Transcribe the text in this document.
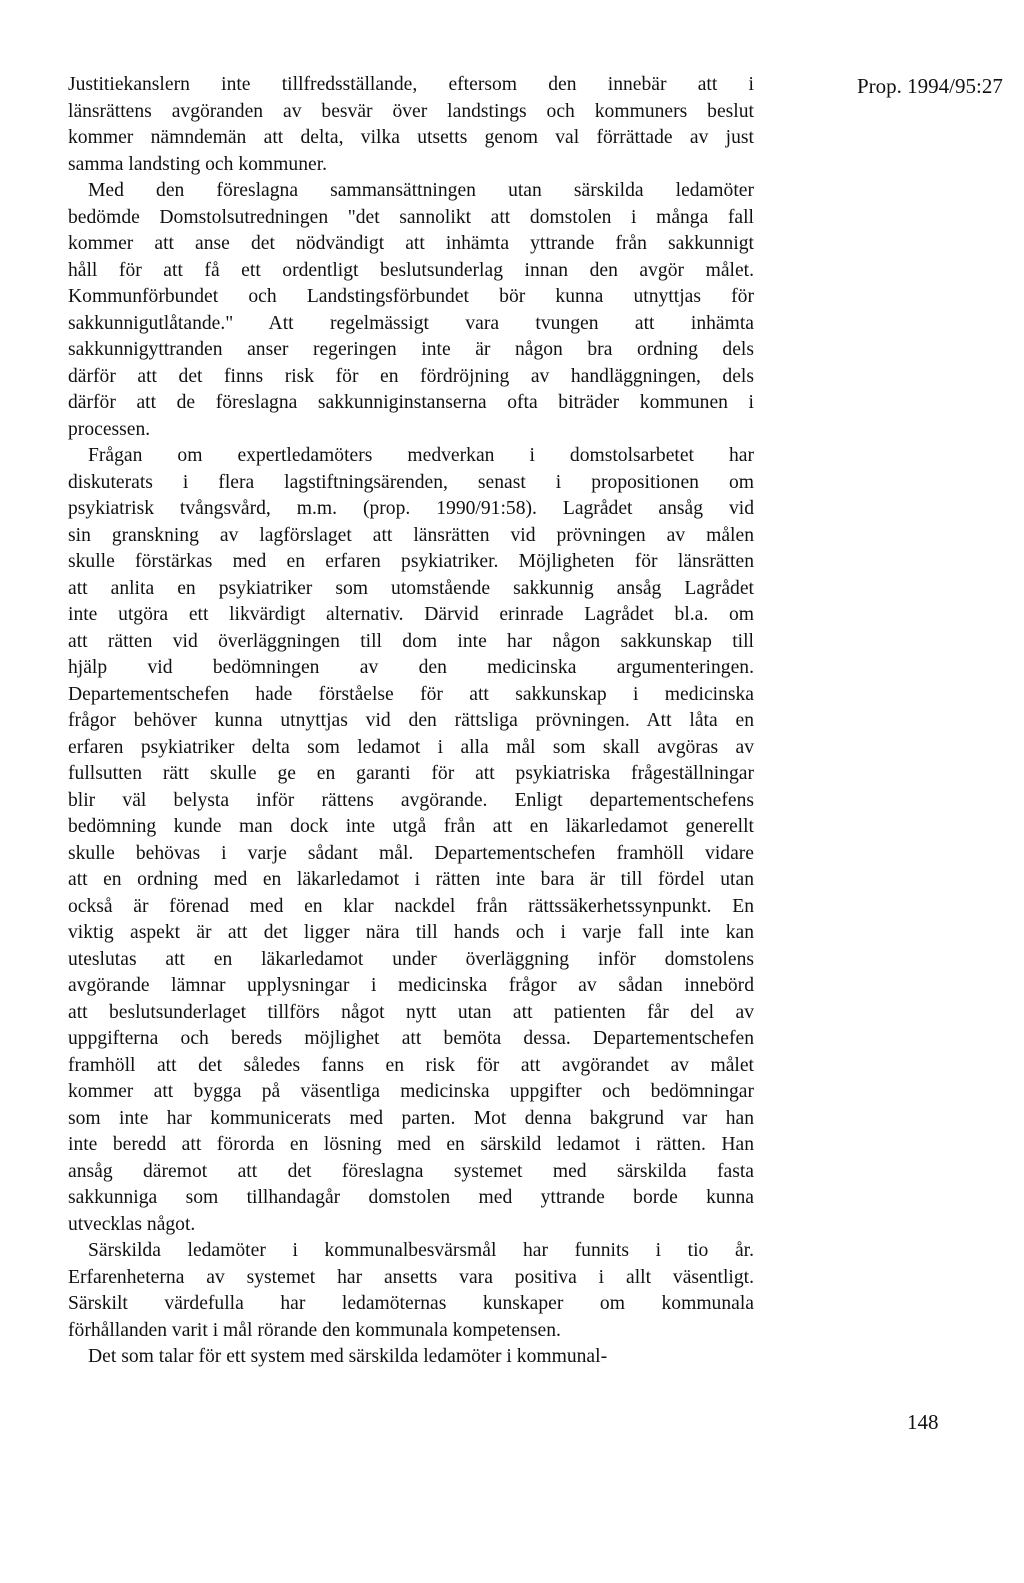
Prop. 1994/95:27
Justitiekanslern inte tillfredsställande, eftersom den innebär att i
länsrättens avgöranden av besvär över landstings och kommuners beslut
kommer nämndemän att delta, vilka utsetts genom val förrättade av just
samma landsting och kommuner.
Med den föreslagna sammansättningen utan särskilda ledamöter
bedömde Domstolsutredningen "det sannolikt att domstolen i många fall
kommer att anse det nödvändigt att inhämta yttrande från sakkunnigt
håll för att få ett ordentligt beslutsunderlag innan den avgör målet.
Kommunförbundet och Landstingsförbundet bör kunna utnyttjas för
sakkunnigutlåtande." Att regelmässigt vara tvungen att inhämta
sakkunnigyttranden anser regeringen inte är någon bra ordning dels
därför att det finns risk för en fördröjning av handläggningen, dels
därför att de föreslagna sakkunniginstanserna ofta biträder kommunen i
processen.
Frågan om expertledamöters medverkan i domstolsarbetet har
diskuterats i flera lagstiftningsärenden, senast i propositionen om
psykiatrisk tvångsvård, m.m. (prop. 1990/91:58). Lagrådet ansåg vid
sin granskning av lagförslaget att länsrätten vid prövningen av målen
skulle förstärkas med en erfaren psykiatriker. Möjligheten för länsrätten
att anlita en psykiatriker som utomstående sakkunnig ansåg Lagrådet
inte utgöra ett likvärdigt alternativ. Därvid erinrade Lagrådet bl.a. om
att rätten vid överläggningen till dom inte har någon sakkunskap till
hjälp vid bedömningen av den medicinska argumenteringen.
Departementschefen hade förståelse för att sakkunskap i medicinska
frågor behöver kunna utnyttjas vid den rättsliga prövningen. Att låta en
erfaren psykiatriker delta som ledamot i alla mål som skall avgöras av
fullsutten rätt skulle ge en garanti för att psykiatriska frågeställningar
blir väl belysta inför rättens avgörande. Enligt departementschefens
bedömning kunde man dock inte utgå från att en läkarledamot generellt
skulle behövas i varje sådant mål. Departementschefen framhöll vidare
att en ordning med en läkarledamot i rätten inte bara är till fördel utan
också är förenad med en klar nackdel från rättssäkerhetssynpunkt. En
viktig aspekt är att det ligger nära till hands och i varje fall inte kan
uteslutas att en läkarledamot under överläggning inför domstolens
avgörande lämnar upplysningar i medicinska frågor av sådan innebörd
att beslutsunderlaget tillförs något nytt utan att patienten får del av
uppgifterna och bereds möjlighet att bemöta dessa. Departementschefen
framhöll att det således fanns en risk för att avgörandet av målet
kommer att bygga på väsentliga medicinska uppgifter och bedömningar
som inte har kommunicerats med parten. Mot denna bakgrund var han
inte beredd att förorda en lösning med en särskild ledamot i rätten. Han
ansåg däremot att det föreslagna systemet med särskilda fasta
sakkunniga som tillhandagår domstolen med yttrande borde kunna
utvecklas något.
Särskilda ledamöter i kommunalbesvärsmål har funnits i tio år.
Erfarenheterna av systemet har ansetts vara positiva i allt väsentligt.
Särskilt värdefulla har ledamöternas kunskaper om kommunala
förhållanden varit i mål rörande den kommunala kompetensen.
Det som talar för ett system med särskilda ledamöter i kommunal-
148
